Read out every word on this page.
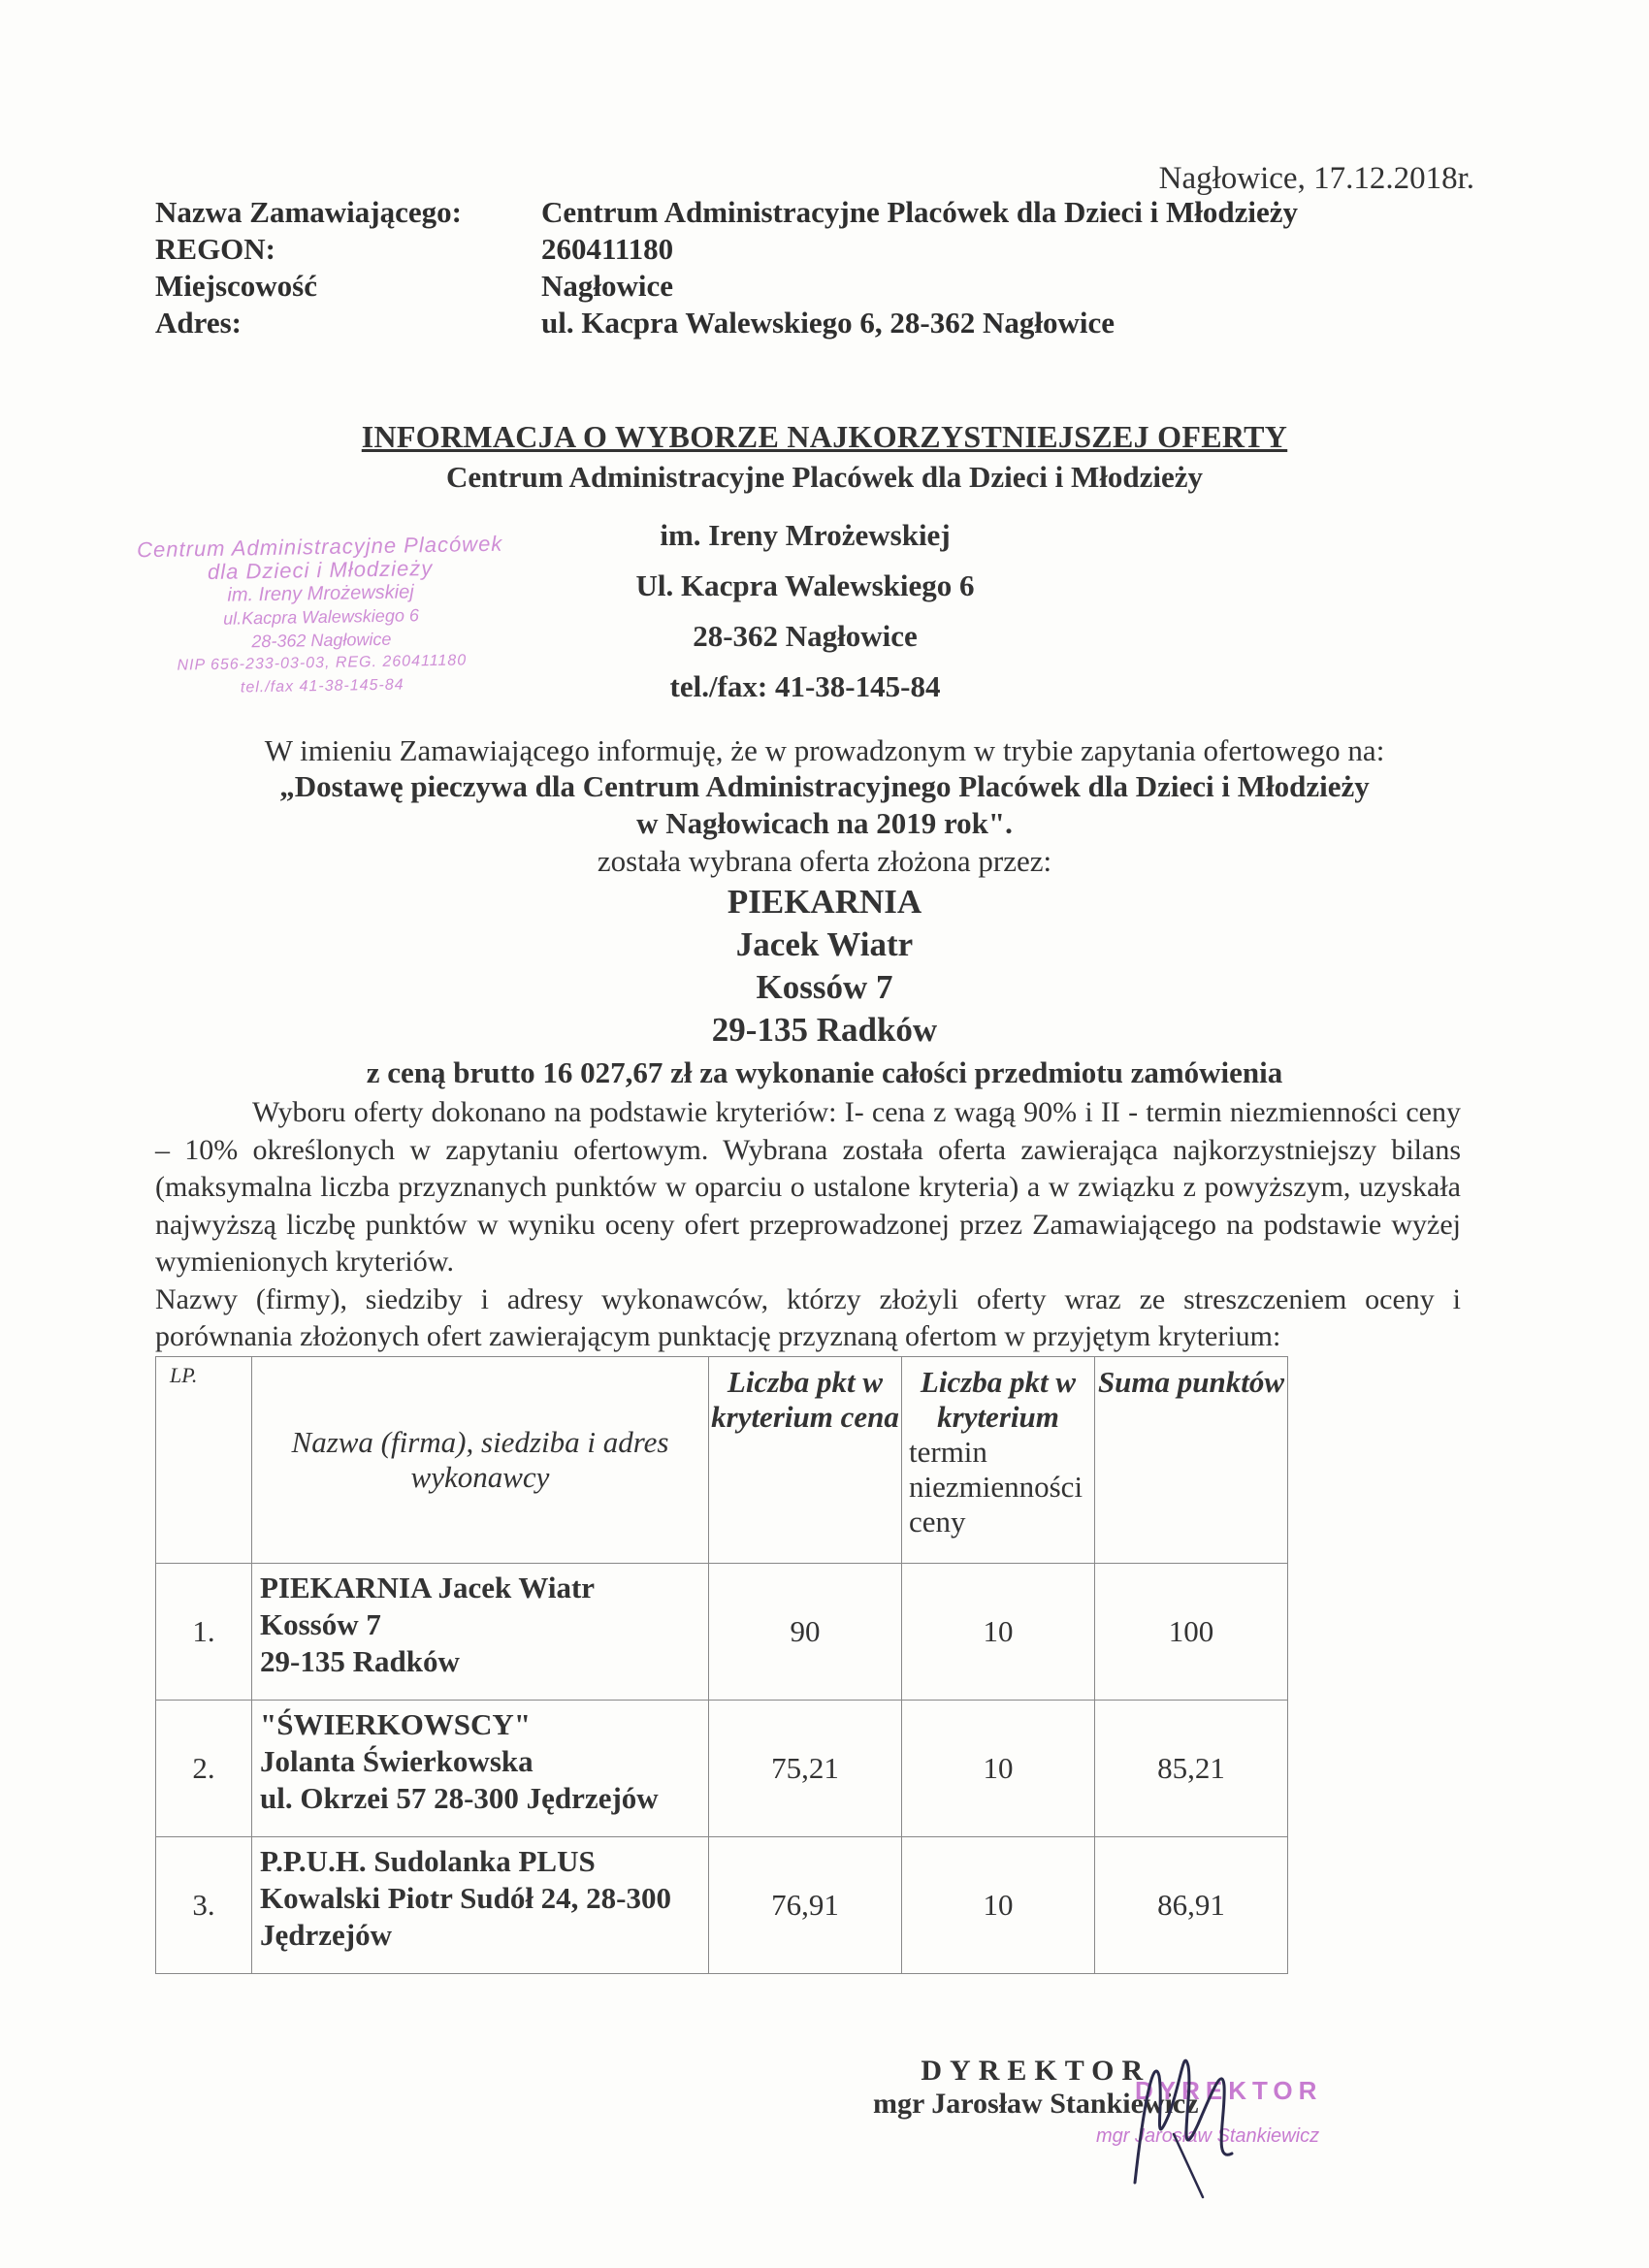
Nagłowice, 17.12.2018r.
Nazwa Zamawiającego:	Centrum Administracyjne Placówek dla Dzieci i Młodzieży
REGON:	260411180
Miejscowość	Nagłowice
Adres:	ul. Kacpra Walewskiego 6, 28-362 Nagłowice
INFORMACJA O WYBORZE NAJKORZYSTNIEJSZEJ OFERTY
Centrum Administracyjne Placówek dla Dzieci i Młodzieży
Centrum Administracyjne Placówek
dla Dzieci i Młodzieży
im. Ireny Mrożewskiej
ul.Kacpra Walewskiego 6
28-362 Nagłowice
NIP 656-233-03-03, REG. 260411180
tel./fax 41-38-145-84
im. Ireny Mrożewskiej
Ul. Kacpra Walewskiego 6
28-362 Nagłowice
tel./fax: 41-38-145-84
W imieniu Zamawiającego informuję, że w prowadzonym w trybie zapytania ofertowego na:
„Dostawę pieczywa dla Centrum Administracyjnego Placówek dla Dzieci i Młodzieży
w Nagłowicach na 2019 rok".
została wybrana oferta złożona przez:
PIEKARNIA
Jacek Wiatr
Kossów 7
29-135 Radków
z ceną brutto 16 027,67 zł za wykonanie całości przedmiotu zamówienia
Wyboru oferty dokonano na podstawie kryteriów: I- cena z wagą 90% i II - termin niezmienności ceny – 10% określonych w zapytaniu ofertowym. Wybrana została oferta zawierająca najkorzystniejszy bilans (maksymalna liczba przyznanych punktów w oparciu o ustalone kryteria) a w związku z powyższym, uzyskała najwyższą liczbę punktów w wyniku oceny ofert przeprowadzonej przez Zamawiającego na podstawie wyżej wymienionych kryteriów.
Nazwy (firmy), siedziby i adresy wykonawców, którzy złożyli oferty wraz ze streszczeniem oceny i porównania złożonych ofert zawierającym punktację przyznaną ofertom w przyjętym kryterium:
LP.	Nazwa (firma), siedziba i adres wykonawcy	Liczba pkt w kryterium cena	Liczba pkt w kryterium
termin niezmienności ceny	Suma punktów
1.	PIEKARNIA Jacek Wiatr
Kossów 7
29-135 Radków	90	10	100
2.	"ŚWIERKOWSCY"
Jolanta Świerkowska
ul. Okrzei 57 28-300 Jędrzejów	75,21	10	85,21
3.	P.P.U.H. Sudolanka PLUS
Kowalski Piotr Sudół 24, 28-300
Jędrzejów	76,91	10	86,91
DYREKTOR
mgr Jarosław Stankiewicz
DYREKTOR
mgr Jarosław Stankiewicz
